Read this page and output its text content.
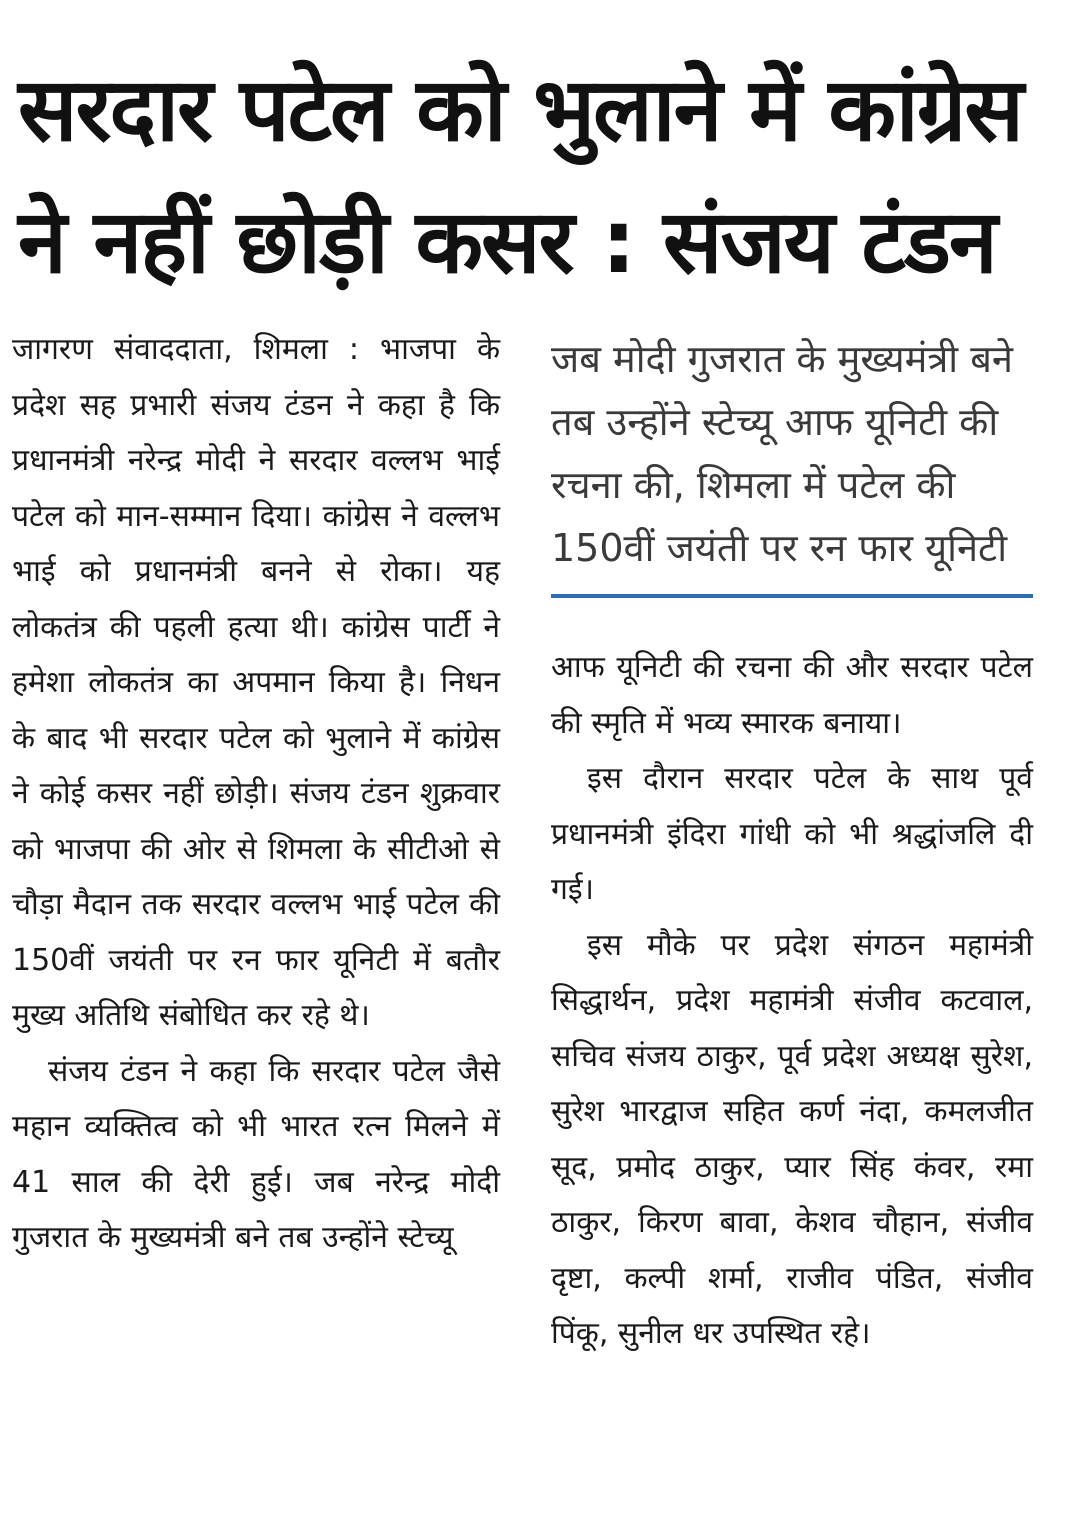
सरदार पटेल को भुलाने में कांग्रेस
ने नहीं छोड़ी कसर : संजय टंडन

जागरण संवाददाता, शिमला : भाजपा के प्रदेश सह प्रभारी संजय टंडन ने कहा है कि प्रधानमंत्री नरेन्द्र मोदी ने सरदार वल्लभ भाई पटेल को मान-सम्मान दिया। कांग्रेस ने वल्लभ भाई को प्रधानमंत्री बनने से रोका। यह लोकतंत्र की पहली हत्या थी। कांग्रेस पार्टी ने हमेशा लोकतंत्र का अपमान किया है। निधन के बाद भी सरदार पटेल को भुलाने में कांग्रेस ने कोई कसर नहीं छोड़ी। संजय टंडन शुक्रवार को भाजपा की ओर से शिमला के सीटीओ से चौड़ा मैदान तक सरदार वल्लभ भाई पटेल की 150वीं जयंती पर रन फार यूनिटी में बतौर मुख्य अतिथि संबोधित कर रहे थे।

संजय टंडन ने कहा कि सरदार पटेल जैसे महान व्यक्तित्व को भी भारत रत्न मिलने में 41 साल की देरी हुई। जब नरेन्द्र मोदी गुजरात के मुख्यमंत्री बने तब उन्होंने स्टेच्यू

जब मोदी गुजरात के मुख्यमंत्री बने
तब उन्होंने स्टेच्यू आफ यूनिटी की
रचना की, शिमला में पटेल की
150वीं जयंती पर रन फार यूनिटी

आफ यूनिटी की रचना की और सरदार पटेल की स्मृति में भव्य स्मारक बनाया।

इस दौरान सरदार पटेल के साथ पूर्व प्रधानमंत्री इंदिरा गांधी को भी श्रद्धांजलि दी गई।

इस मौके पर प्रदेश संगठन महामंत्री सिद्धार्थन, प्रदेश महामंत्री संजीव कटवाल, सचिव संजय ठाकुर, पूर्व प्रदेश अध्यक्ष सुरेश, सुरेश भारद्वाज सहित कर्ण नंदा, कमलजीत सूद, प्रमोद ठाकुर, प्यार सिंह कंवर, रमा ठाकुर, किरण बावा, केशव चौहान, संजीव दृष्टा, कल्पी शर्मा, राजीव पंडित, संजीव पिंकू, सुनील धर उपस्थित रहे।
